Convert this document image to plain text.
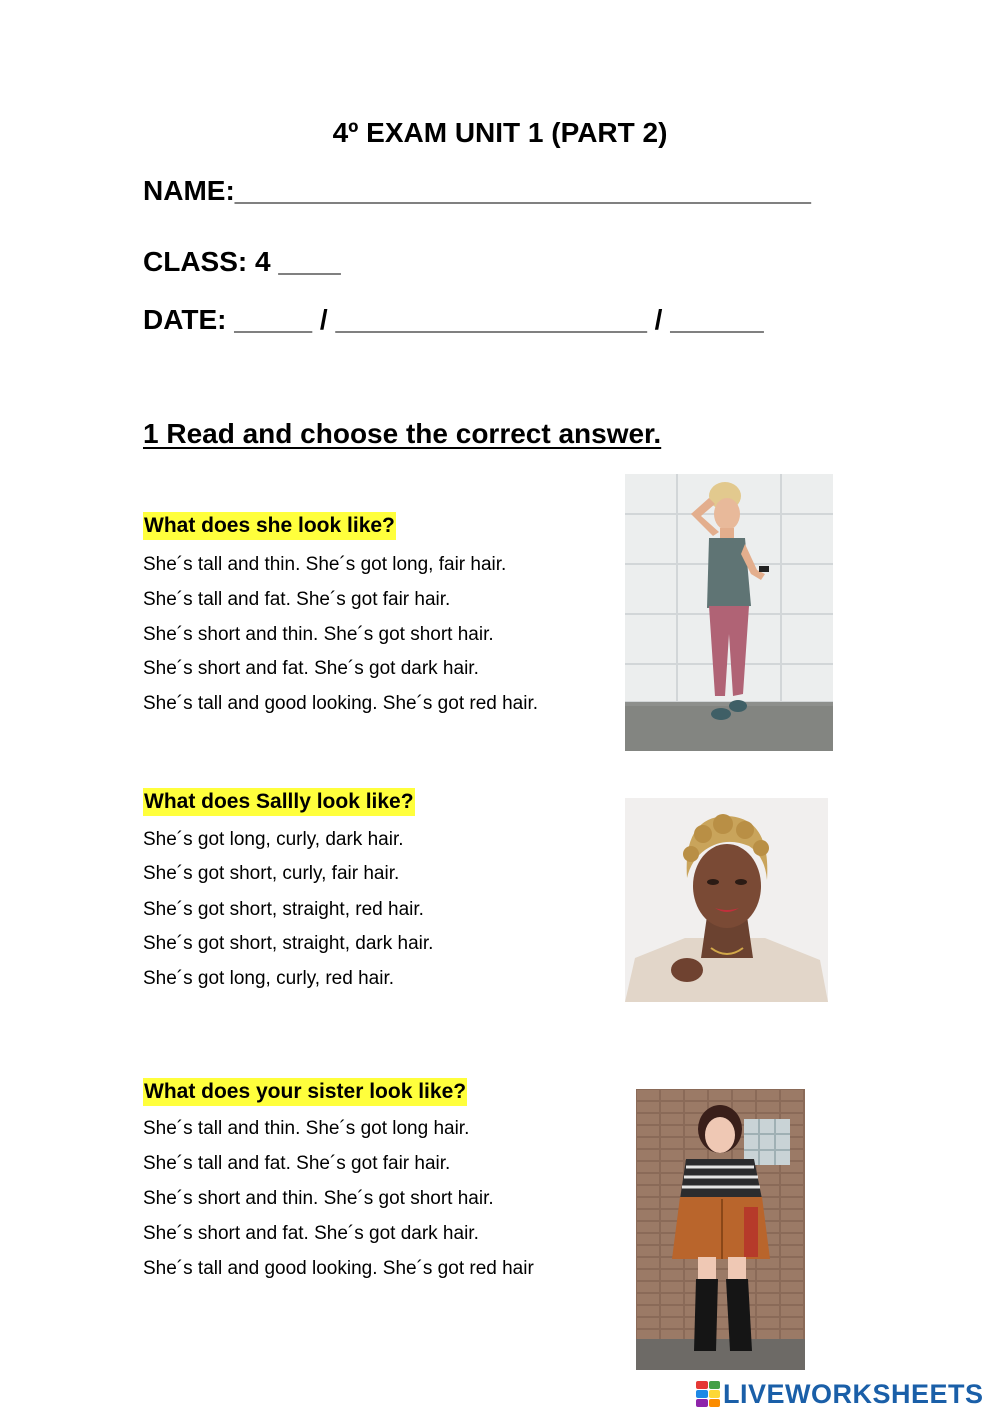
4º EXAM UNIT 1 (PART 2)
NAME:_____________________________________
CLASS: 4 ____
DATE: _____ / ____________________ / ______
1 Read and choose the correct answer.
What does she look like?
She´s tall and thin. She´s got long, fair hair.
She´s tall and fat. She´s got fair hair.
She´s short and thin. She´s got short hair.
She´s short and fat. She´s got dark hair.
She´s tall and good looking. She´s got red hair.
What does Sallly look like?
She´s got long, curly, dark hair.
She´s got short, curly, fair hair.
She´s got short, straight, red hair.
She´s got short, straight, dark hair.
She´s got long, curly, red hair.
What does your sister look like?
She´s tall and thin. She´s got long hair.
She´s tall and fat. She´s got fair hair.
She´s short and thin. She´s got short hair.
She´s short and fat. She´s got dark hair.
She´s tall and good looking. She´s got red hair
LIVEWORKSHEETS
